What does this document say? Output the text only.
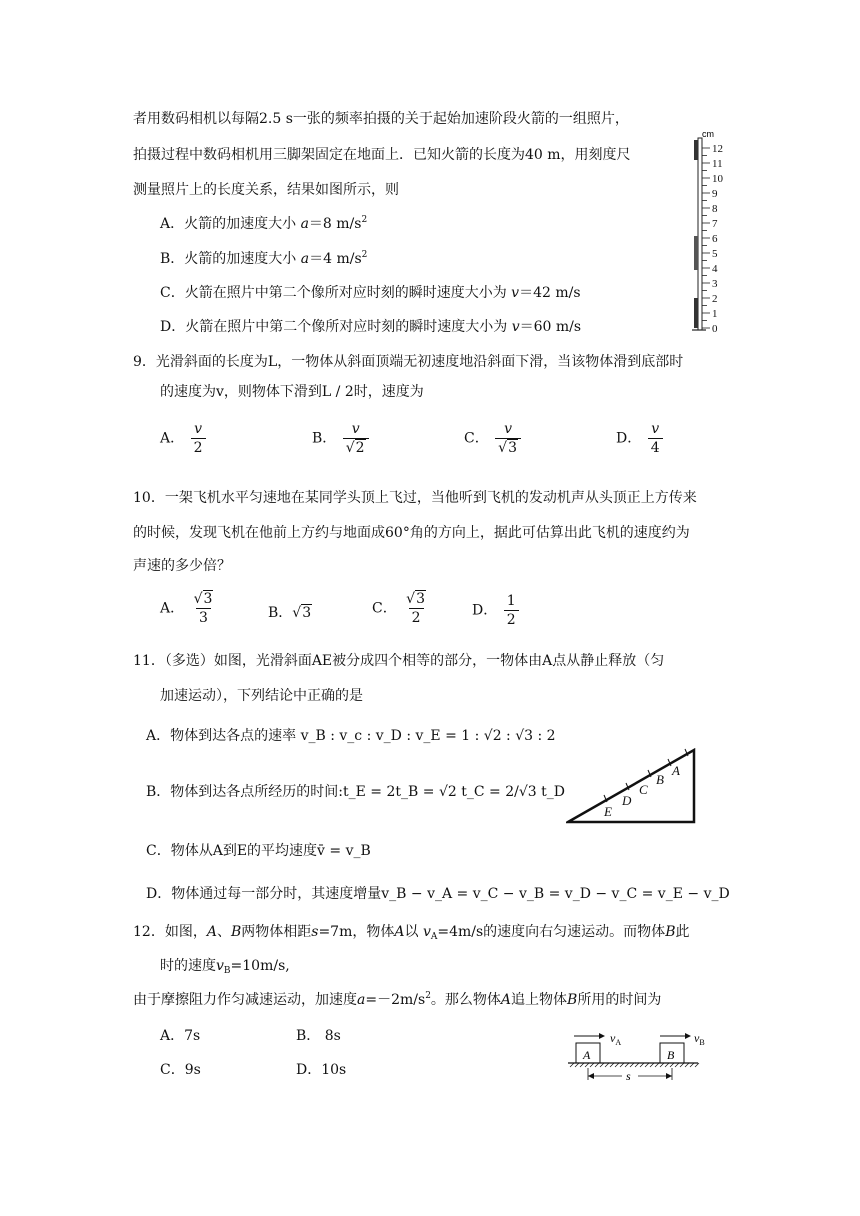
者用数码相机以每隔2.5 s一张的频率拍摄的关于起始加速阶段火箭的一组照片，
拍摄过程中数码相机用三脚架固定在地面上．已知火箭的长度为40 m，用刻度尺
测量照片上的长度关系，结果如图所示，则
A．火箭的加速度大小 a＝8 $m/s^2$
B．火箭的加速度大小 a＝4 $m/s^2$
C．火箭在照片中第二个像所对应时刻的瞬时速度大小为 v＝42 m/s
D．火箭在照片中第二个像所对应时刻的瞬时速度大小为 v＝60 m/s
cm
12
11
10
9
8
7
6
5
4
3
2
1
0
9．光滑斜面的长度为L，一物体从斜面顶端无初速度地沿斜面下滑，当该物体滑到底部时
的速度为v，则物体下滑到L / 2时，速度为
A． $\frac{v}{2}$	B． $\frac{v}{√2}$	C． $\frac{v}{√3}$	D． $\frac{v}{4}$
10．一架飞机水平匀速地在某同学头顶上飞过，当他听到飞机的发动机声从头顶正上方传来
的时候，发现飞机在他前上方约与地面成60°角的方向上，据此可估算出此飞机的速度约为
声速的多少倍？
A． $\frac{√3}{3}$	B．√3	C． $\frac{√3}{2}$	D． $\frac{1}{2}$
11．（多选）如图，光滑斜面AE被分成四个相等的部分，一物体由A点从静止释放（匀
加速运动），下列结论中正确的是
A．物体到达各点的速率 v_B : v_c : v_D : v_E = 1 : √2 : √3 : 2
B．物体到达各点所经历的时间:t_E = 2t_B = √2 t_C = 2/√3 t_D
C．物体从A到E的平均速度v̄ = v_B
D．物体通过每一部分时，其速度增量v_B − v_A = v_C − v_B = v_D − v_C = v_E − v_D
E
D
C
B
A
12．如图，A、B两物体相距s=7m，物体A以 $v_A=4m/s$的速度向右匀速运动。而物体B此
时的速度$v_B=10m/s$,
由于摩擦阻力作匀减速运动，加速度$a=-2m/s^2$。那么物体A追上物体B所用的时间为
A．7s	B． 8s
C．9s	D．10s
$v_A$	$v_B$
A	B
s
